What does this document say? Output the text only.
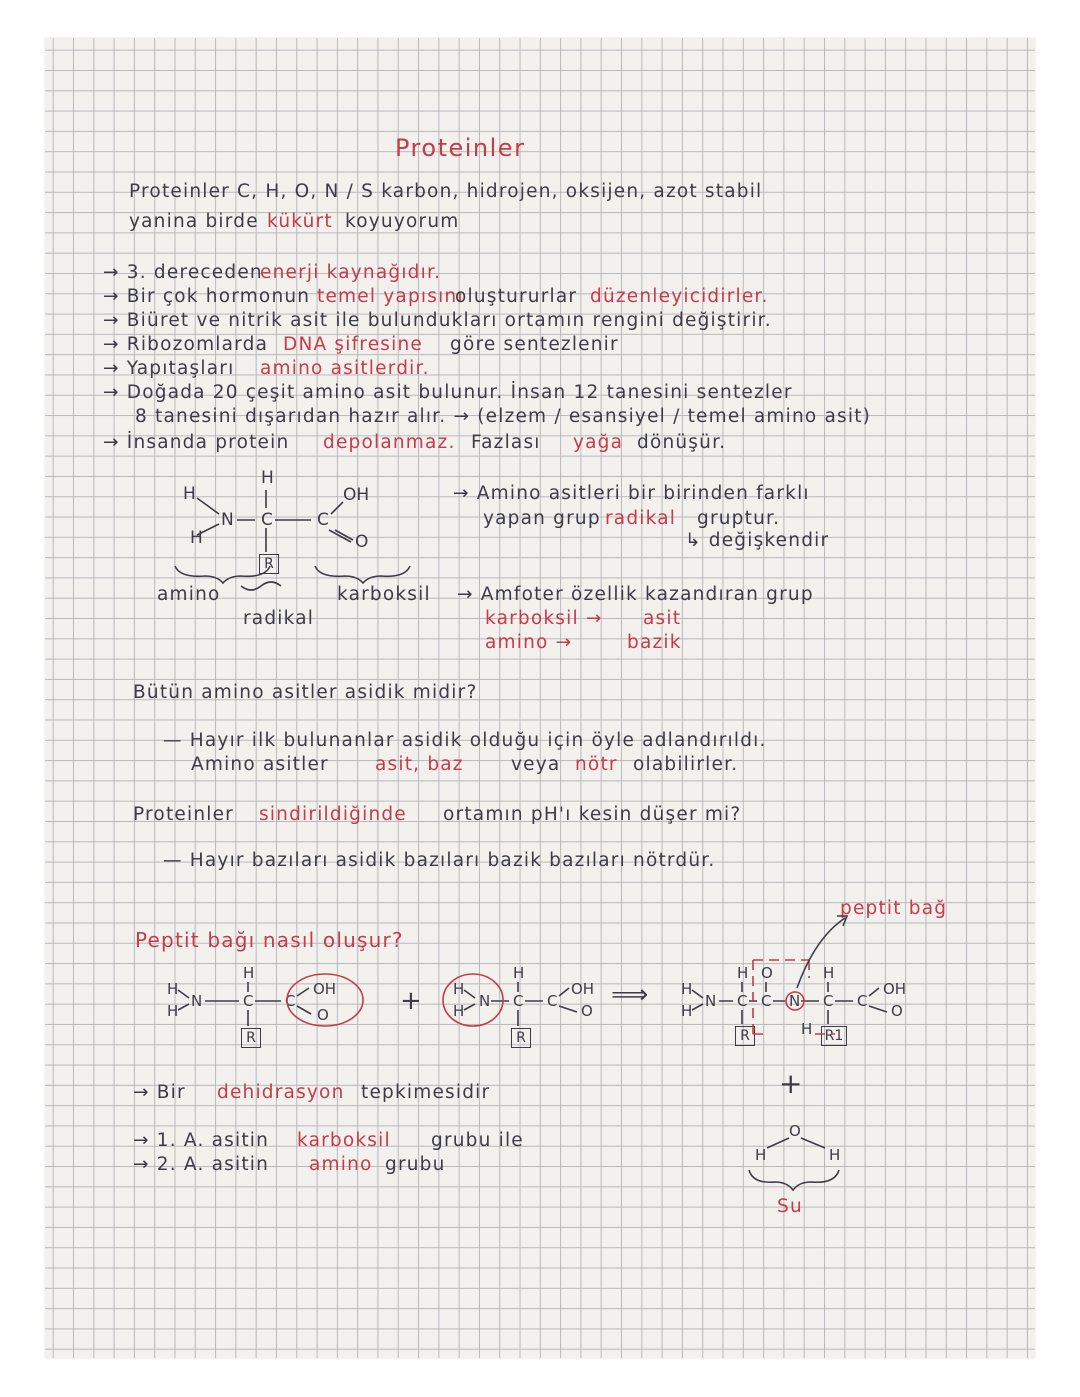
Proteinler
Proteinler C, H, O, N / S karbon, hidrojen, oksijen, azot stabil
yanina birde kükürt koyuyorum
→ 3. dereceden
enerji kaynağıdır.
→ Bir çok hormonun temel yapısını
oluştururlar düzenleyicidirler.
→ Biüret ve nitrik asit ile bulundukları ortamın rengini değiştirir.
→ Ribozomlarda DNA şifresine göre sentezlenir
→ Yapıtaşları amino asitlerdir.
→ Doğada 20 çeşit amino asit bulunur. İnsan 12 tanesini sentezler
8 tanesini dışarıdan hazır alır. → (elzem / esansiyel / temel amino asit)
→ İnsanda protein depolanmaz. Fazlası yağa dönüşür.
H
H
H
N C	C
OH
O
R
amino
radikal
karboksil
→ Amino asitleri bir birinden farklı
yapan grup radikal gruptur.
↳ değişkendir
→ Amfoter özellik kazandıran grup
karboksil → asit
amino →	bazik
Bütün amino asitler asidik midir?
— Hayır ilk bulunanlar asidik olduğu için öyle adlandırıldı.
Amino asitler asit, baz	veya nötr olabilirler.
Proteinler sindirildiğinde ortamın pH'ı kesin düşer mi?
— Hayır bazıları asidik bazıları bazik bazıları nötrdür.
Peptit bağı nasıl oluşur?
peptit bağ
H
H
N
H
C C
OH
O
R
+ H
H
N
H
C C
OH
O
R
⟹ H
H
N
H
C
O
C N
H
H
C C
OH
O
R	R1
+
O
H	H
Su
→ Bir dehidrasyon tepkimesidir
→ 1. A. asitin karboksil grubu ile
→ 2. A. asitin amino grubu
